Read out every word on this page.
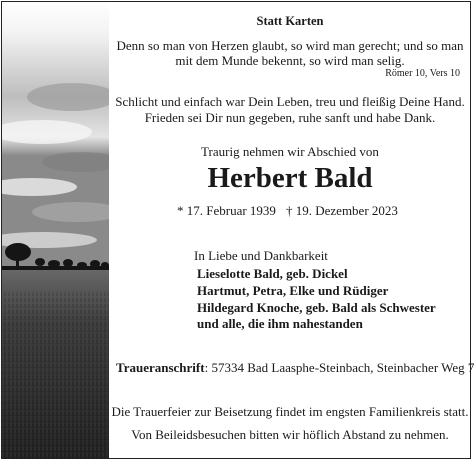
Statt Karten
Denn so man von Herzen glaubt, so wird man gerecht; und so man
mit dem Munde bekennt, so wird man selig.
Römer 10, Vers 10
Schlicht und einfach war Dein Leben, treu und fleißig Deine Hand.
Frieden sei Dir nun gegeben, ruhe sanft und habe Dank.
Traurig nehmen wir Abschied von
Herbert Bald
* 17. Februar 1939 † 19. Dezember 2023
In Liebe und Dankbarkeit
Lieselotte Bald, geb. Dickel
Hartmut, Petra, Elke und Rüdiger
Hildegard Knoche, geb. Bald als Schwester
und alle, die ihm nahestanden
Traueranschrift: 57334 Bad Laasphe-Steinbach, Steinbacher Weg 7
Die Trauerfeier zur Beisetzung findet im engsten Familienkreis statt.
Von Beileidsbesuchen bitten wir höflich Abstand zu nehmen.
